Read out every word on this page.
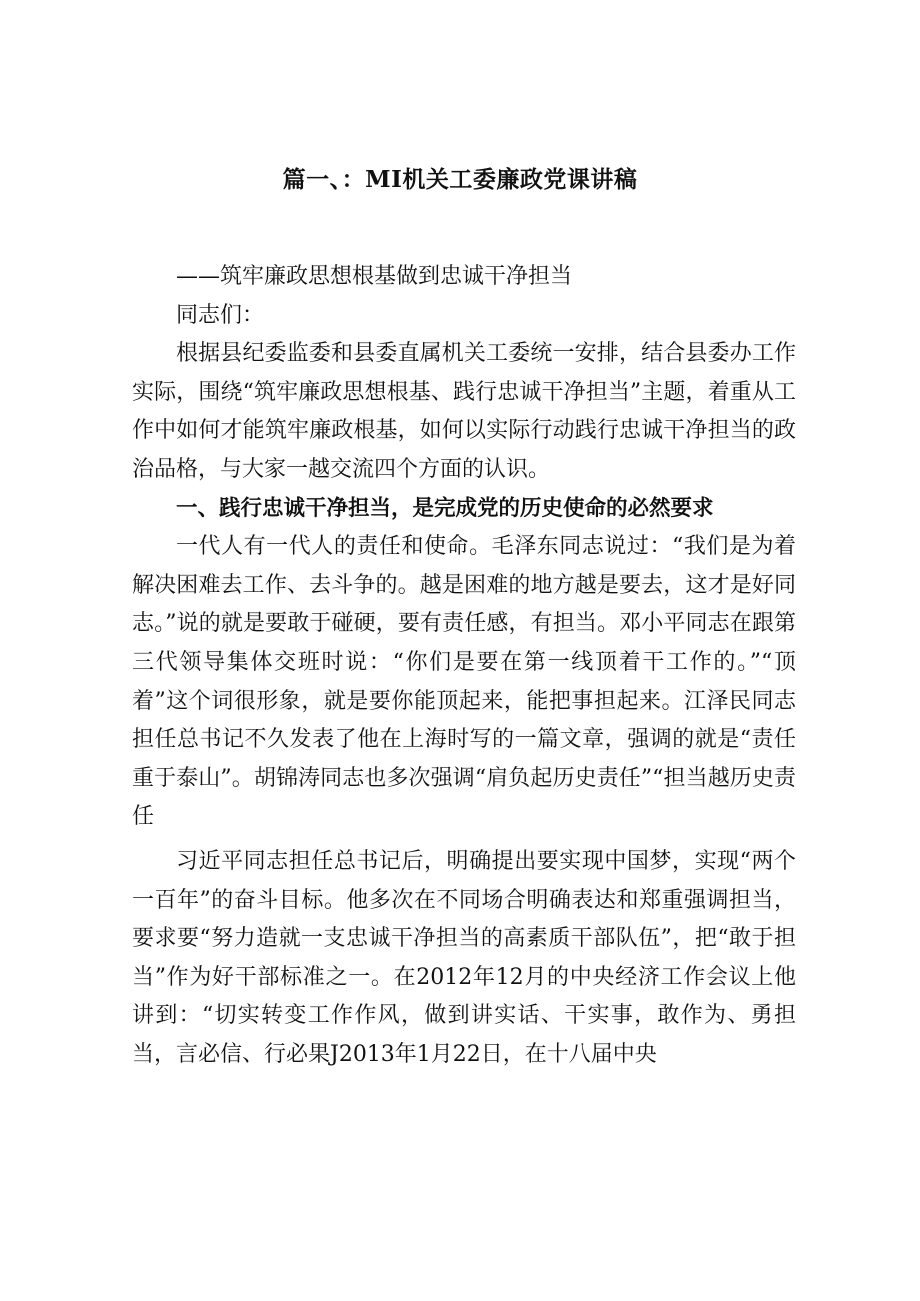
篇一、：MI机关工委廉政党课讲稿

——筑牢廉政思想根基做到忠诚干净担当

同志们：

根据县纪委监委和县委直属机关工委统一安排，结合县委办工作实际，围绕“筑牢廉政思想根基、践行忠诚干净担当”主题，着重从工作中如何才能筑牢廉政根基，如何以实际行动践行忠诚干净担当的政治品格，与大家一越交流四个方面的认识。

一、践行忠诚干净担当，是完成党的历史使命的必然要求

一代人有一代人的责任和使命。毛泽东同志说过：“我们是为着解决困难去工作、去斗争的。越是困难的地方越是要去，这才是好同志。”说的就是要敢于碰硬，要有责任感，有担当。邓小平同志在跟第三代领导集体交班时说：“你们是要在第一线顶着干工作的。”“顶着”这个词很形象，就是要你能顶起来，能把事担起来。江泽民同志担任总书记不久发表了他在上海时写的一篇文章，强调的就是“责任重于泰山”。胡锦涛同志也多次强调“肩负起历史责任”“担当越历史责任

习近平同志担任总书记后，明确提出要实现中国梦，实现“两个一百年”的奋斗目标。他多次在不同场合明确表达和郑重强调担当，要求要“努力造就一支忠诚干净担当的高素质干部队伍”，把“敢于担当”作为好干部标准之一。在2012年12月的中央经济工作会议上他讲到：“切实转变工作作风，做到讲实话、干实事，敢作为、勇担当，言必信、行必果J2013年1月22日，在十八届中央
